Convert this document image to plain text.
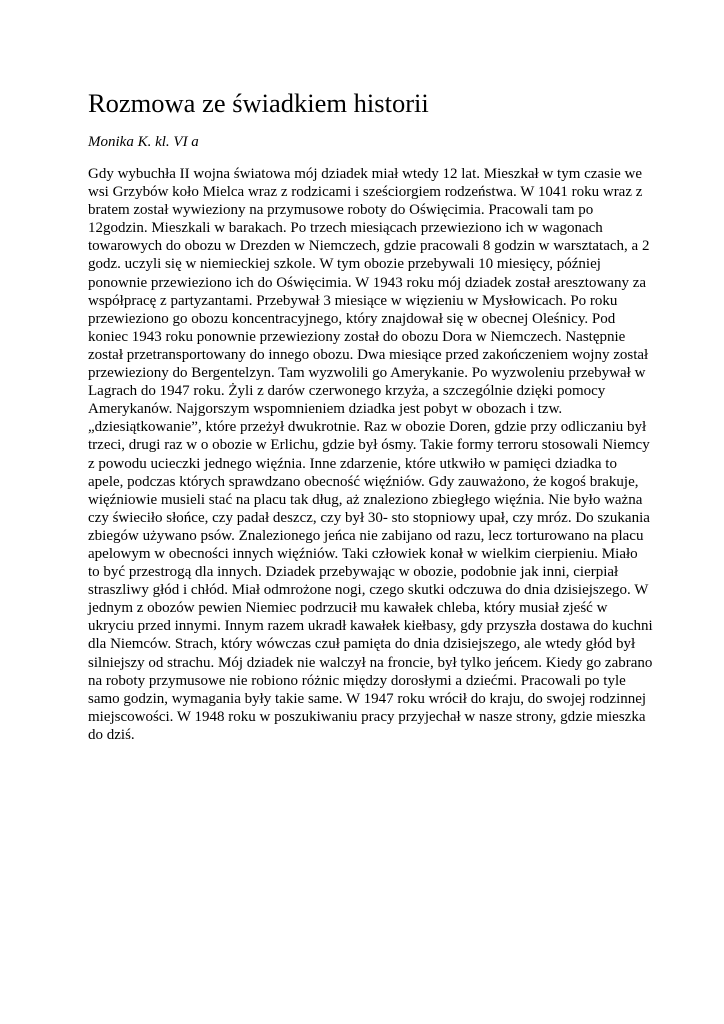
Rozmowa ze świadkiem historii

Monika K. kl. VI a

Gdy wybuchła II wojna światowa mój dziadek miał wtedy 12 lat. Mieszkał w tym czasie we
wsi Grzybów koło Mielca wraz z rodzicami i sześciorgiem rodzeństwa. W 1041 roku wraz z
bratem został wywieziony na przymusowe roboty do Oświęcimia. Pracowali tam po
12godzin. Mieszkali w barakach. Po trzech miesiącach przewieziono ich w wagonach
towarowych do obozu w Drezden w Niemczech, gdzie pracowali 8 godzin w warsztatach, a 2
godz. uczyli się w niemieckiej szkole. W tym obozie przebywali 10 miesięcy, później
ponownie przewieziono ich do Oświęcimia. W 1943 roku mój dziadek został aresztowany za
współpracę z partyzantami. Przebywał 3 miesiące w więzieniu w Mysłowicach. Po roku
przewieziono go obozu koncentracyjnego, który znajdował się w obecnej Oleśnicy. Pod
koniec 1943 roku ponownie przewieziony został do obozu Dora w Niemczech. Następnie
został przetransportowany do innego obozu. Dwa miesiące przed zakończeniem wojny został
przewieziony do Bergentelzyn. Tam wyzwolili go Amerykanie. Po wyzwoleniu przebywał w
Lagrach do 1947 roku. Żyli z darów czerwonego krzyża, a szczególnie dzięki pomocy
Amerykanów. Najgorszym wspomnieniem dziadka jest pobyt w obozach i tzw.
„dziesiątkowanie”, które przeżył dwukrotnie. Raz w obozie Doren, gdzie przy odliczaniu był
trzeci, drugi raz w o obozie w Erlichu, gdzie był ósmy. Takie formy terroru stosowali Niemcy
z powodu ucieczki jednego więźnia. Inne zdarzenie, które utkwiło w pamięci dziadka to
apele, podczas których sprawdzano obecność więźniów. Gdy zauważono, że kogoś brakuje,
więźniowie musieli stać na placu tak dług, aż znaleziono zbiegłego więźnia. Nie było ważna
czy świeciło słońce, czy padał deszcz, czy był 30- sto stopniowy upał, czy mróz. Do szukania
zbiegów używano psów. Znalezionego jeńca nie zabijano od razu, lecz torturowano na placu
apelowym w obecności innych więźniów. Taki człowiek konał w wielkim cierpieniu. Miało
to być przestrogą dla innych. Dziadek przebywając w obozie, podobnie jak inni, cierpiał
straszliwy głód i chłód. Miał odmrożone nogi, czego skutki odczuwa do dnia dzisiejszego. W
jednym z obozów pewien Niemiec podrzucił mu kawałek chleba, który musiał zjeść w
ukryciu przed innymi. Innym razem ukradł kawałek kiełbasy, gdy przyszła dostawa do kuchni
dla Niemców. Strach, który wówczas czuł pamięta do dnia dzisiejszego, ale wtedy głód był
silniejszy od strachu. Mój dziadek nie walczył na froncie, był tylko jeńcem. Kiedy go zabrano
na roboty przymusowe nie robiono różnic między dorosłymi a dziećmi. Pracowali po tyle
samo godzin, wymagania były takie same. W 1947 roku wrócił do kraju, do swojej rodzinnej
miejscowości. W 1948 roku w poszukiwaniu pracy przyjechał w nasze strony, gdzie mieszka
do dziś.
